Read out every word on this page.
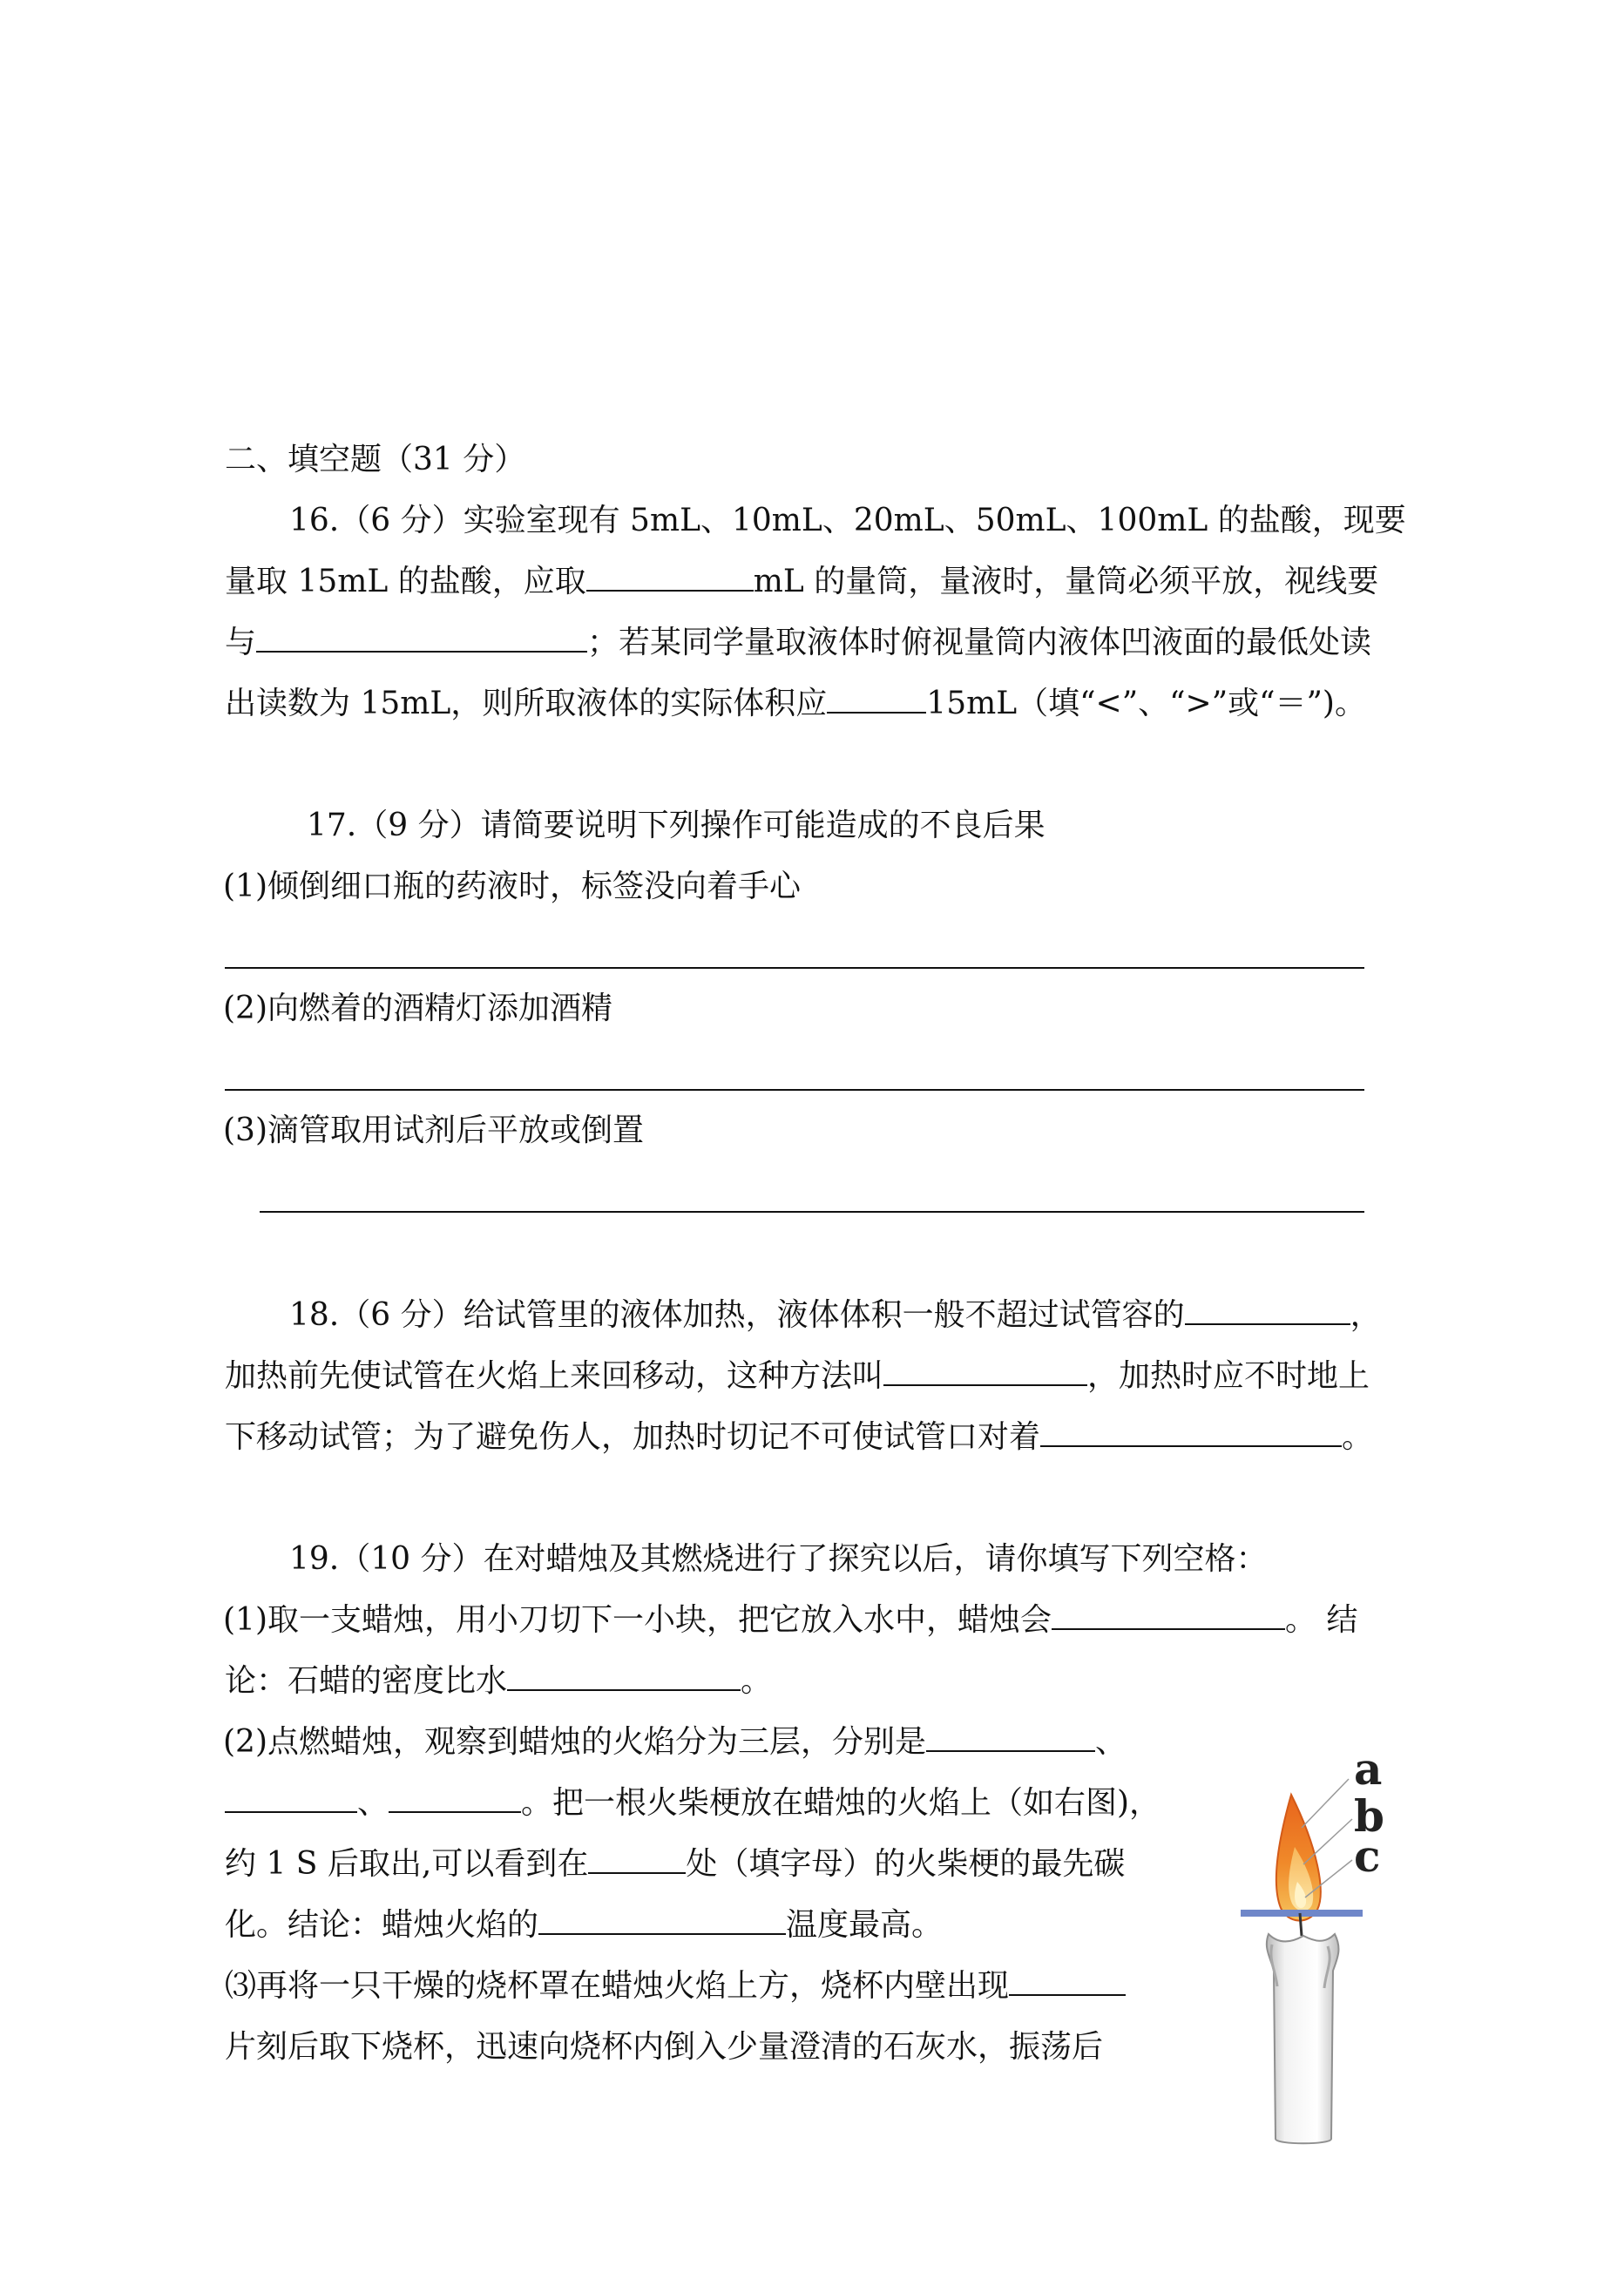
二、填空题（31 分）
16.（6 分）实验室现有 5mL、10mL、20mL、50mL、100mL 的盐酸，现要
量取 15mL 的盐酸，应取	mL 的量筒，量液时，量筒必须平放，视线要
与	；若某同学量取液体时俯视量筒内液体凹液面的最低处读
出读数为 15mL，则所取液体的实际体积应	15mL（填“<”、“>”或“＝”)。
17.（9 分）请简要说明下列操作可能造成的不良后果
(1)倾倒细口瓶的药液时，标签没向着手心
(2)向燃着的酒精灯添加酒精
(3)滴管取用试剂后平放或倒置
18.（6 分）给试管里的液体加热，液体体积一般不超过试管容的	，
加热前先使试管在火焰上来回移动，这种方法叫	，加热时应不时地上
下移动试管；为了避免伤人，加热时切记不可使试管口对着	。
19.（10 分）在对蜡烛及其燃烧进行了探究以后，请你填写下列空格：
(1)取一支蜡烛，用小刀切下一小块，把它放入水中，蜡烛会	。 结
论：石蜡的密度比水	。
(2)点燃蜡烛，观察到蜡烛的火焰分为三层，分别是	、
、	。把一根火柴梗放在蜡烛的火焰上（如右图)，
约 1 S 后取出,可以看到在	处（填字母）的火柴梗的最先碳
化。结论：蜡烛火焰的	温度最高。
⑶再将一只干燥的烧杯罩在蜡烛火焰上方，烧杯内壁出现
片刻后取下烧杯，迅速向烧杯内倒入少量澄清的石灰水，振荡后
a
b
c
